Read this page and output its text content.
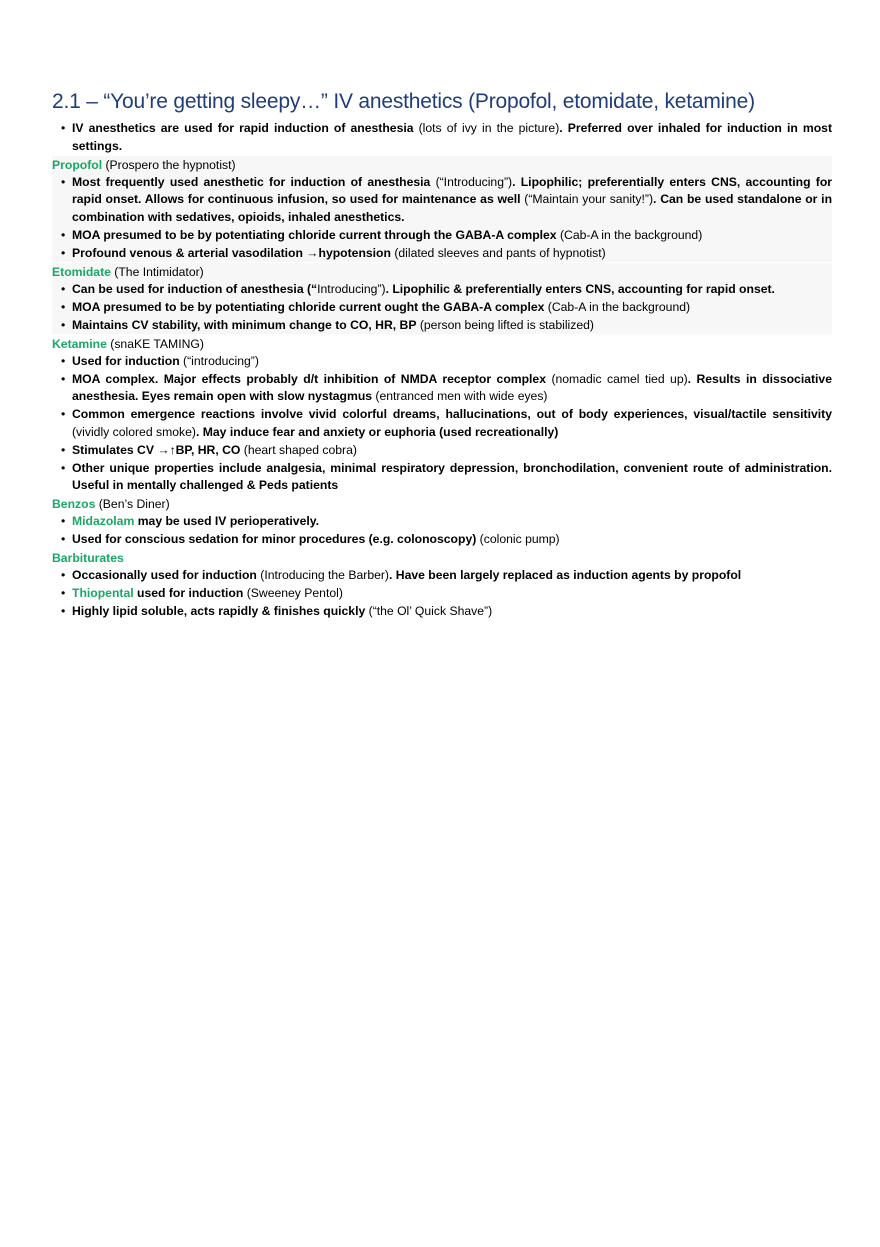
2.1 – “You’re getting sleepy…” IV anesthetics (Propofol, etomidate, ketamine)
• IV anesthetics are used for rapid induction of anesthesia (lots of ivy in the picture). Preferred over inhaled for induction in most settings.
Propofol (Prospero the hypnotist)
• Most frequently used anesthetic for induction of anesthesia (“Introducing”). Lipophilic; preferentially enters CNS, accounting for rapid onset. Allows for continuous infusion, so used for maintenance as well (“Maintain your sanity!”). Can be used standalone or in combination with sedatives, opioids, inhaled anesthetics.
• MOA presumed to be by potentiating chloride current through the GABA-A complex (Cab-A in the background)
• Profound venous & arterial vasodilation →hypotension (dilated sleeves and pants of hypnotist)
Etomidate (The Intimidator)
• Can be used for induction of anesthesia (“Introducing”). Lipophilic & preferentially enters CNS, accounting for rapid onset.
• MOA presumed to be by potentiating chloride current ought the GABA-A complex (Cab-A in the background)
• Maintains CV stability, with minimum change to CO, HR, BP (person being lifted is stabilized)
Ketamine (snaKE TAMING)
• Used for induction (“introducing”)
• MOA complex. Major effects probably d/t inhibition of NMDA receptor complex (nomadic camel tied up). Results in dissociative anesthesia. Eyes remain open with slow nystagmus (entranced men with wide eyes)
• Common emergence reactions involve vivid colorful dreams, hallucinations, out of body experiences, visual/tactile sensitivity (vividly colored smoke). May induce fear and anxiety or euphoria (used recreationally)
• Stimulates CV →↑BP, HR, CO (heart shaped cobra)
• Other unique properties include analgesia, minimal respiratory depression, bronchodilation, convenient route of administration. Useful in mentally challenged & Peds patients
Benzos (Ben’s Diner)
• Midazolam may be used IV perioperatively.
• Used for conscious sedation for minor procedures (e.g. colonoscopy) (colonic pump)
Barbiturates
• Occasionally used for induction (Introducing the Barber). Have been largely replaced as induction agents by propofol
• Thiopental used for induction (Sweeney Pentol)
• Highly lipid soluble, acts rapidly & finishes quickly (“the Ol’ Quick Shave”)
